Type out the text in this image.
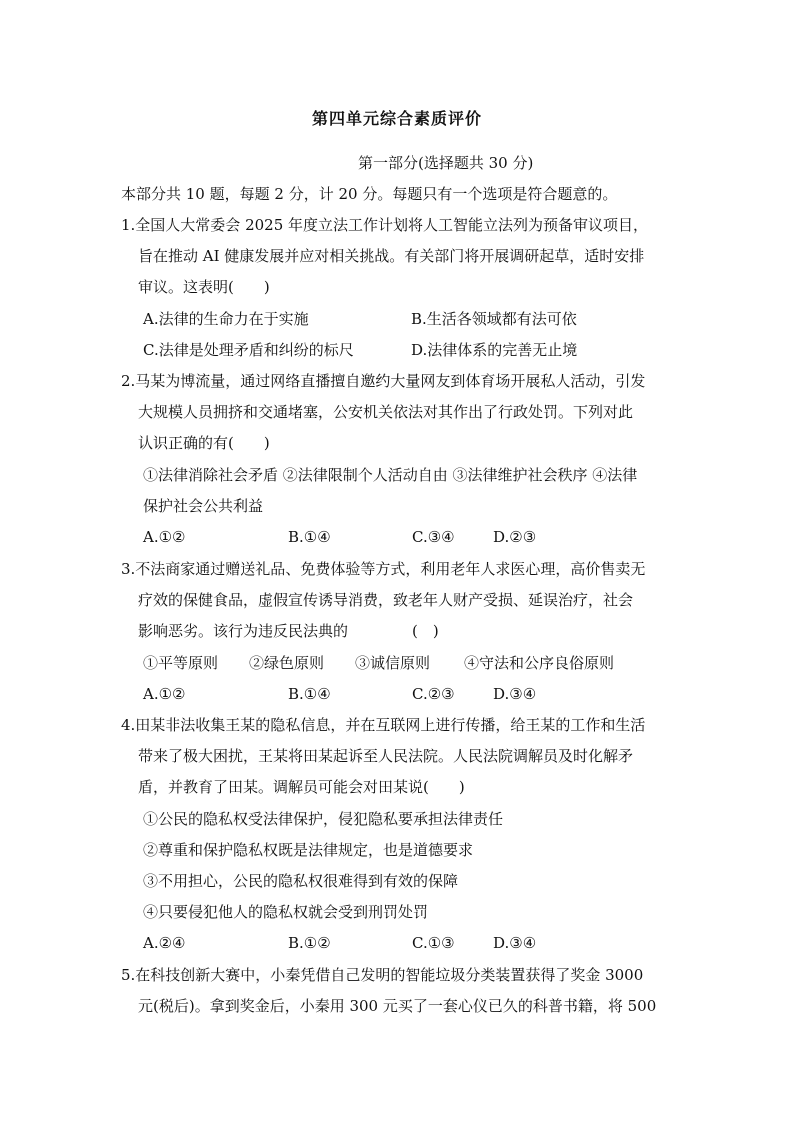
第四单元综合素质评价
第一部分(选择题共 30 分)
本部分共 10 题，每题 2 分，计 20 分。每题只有一个选项是符合题意的。
1.全国人大常委会 2025 年度立法工作计划将人工智能立法列为预备审议项目，
旨在推动 AI 健康发展并应对相关挑战。有关部门将开展调研起草，适时安排
审议。这表明(　　)
A.法律的生命力在于实施	B.生活各领域都有法可依
C.法律是处理矛盾和纠纷的标尺	D.法律体系的完善无止境
2.马某为博流量，通过网络直播擅自邀约大量网友到体育场开展私人活动，引发
大规模人员拥挤和交通堵塞，公安机关依法对其作出了行政处罚。下列对此
认识正确的有(　　)
①法律消除社会矛盾 ②法律限制个人活动自由 ③法律维护社会秩序 ④法律
保护社会公共利益
A.①②	B.①④	C.③④	D.②③
3.不法商家通过赠送礼品、免费体验等方式，利用老年人求医心理，高价售卖无
疗效的保健食品，虚假宣传诱导消费，致老年人财产受损、延误治疗，社会
影响恶劣。该行为违反民法典的	(　)
①平等原则 ②绿色原则 ③诚信原则 ④守法和公序良俗原则
A.①②	B.①④	C.②③	D.③④
4.田某非法收集王某的隐私信息，并在互联网上进行传播，给王某的工作和生活
带来了极大困扰，王某将田某起诉至人民法院。人民法院调解员及时化解矛
盾，并教育了田某。调解员可能会对田某说(　　)
①公民的隐私权受法律保护，侵犯隐私要承担法律责任
②尊重和保护隐私权既是法律规定，也是道德要求
③不用担心，公民的隐私权很难得到有效的保障
④只要侵犯他人的隐私权就会受到刑罚处罚
A.②④	B.①②	C.①③	D.③④
5.在科技创新大赛中，小秦凭借自己发明的智能垃圾分类装置获得了奖金 3000
元(税后)。拿到奖金后，小秦用 300 元买了一套心仪已久的科普书籍，将 500
